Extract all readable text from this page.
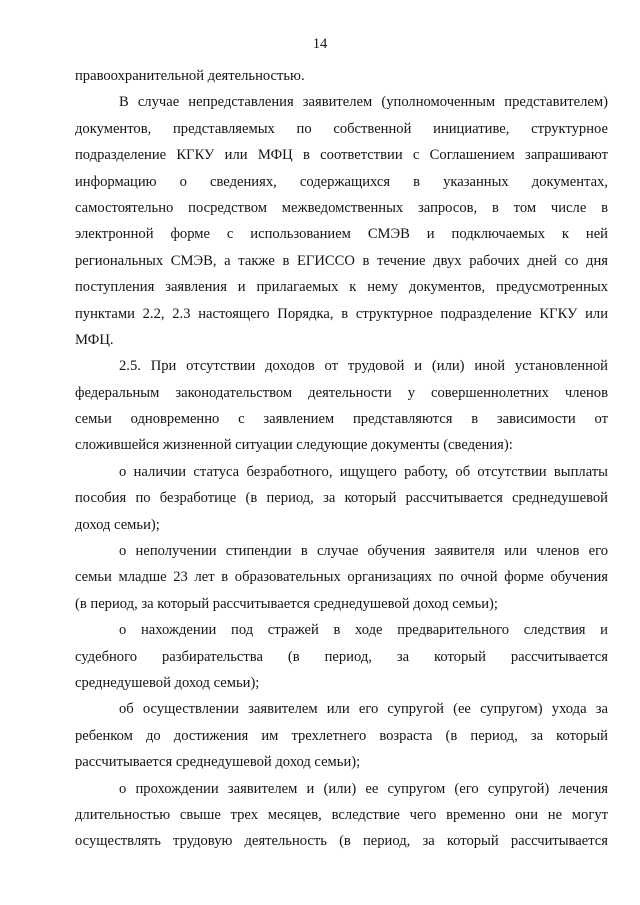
14
правоохранительной деятельностью.
В случае непредставления заявителем (уполномоченным представителем)
документов, представляемых по собственной инициативе, структурное
подразделение КГКУ или МФЦ в соответствии с Соглашением запрашивают
информацию о сведениях, содержащихся в указанных документах,
самостоятельно посредством межведомственных запросов, в том числе в
электронной форме с использованием СМЭВ и подключаемых к ней
региональных СМЭВ, а также в ЕГИССО в течение двух рабочих дней со дня
поступления заявления и прилагаемых к нему документов, предусмотренных
пунктами 2.2, 2.3 настоящего Порядка, в структурное подразделение КГКУ или
МФЦ.
2.5. При отсутствии доходов от трудовой и (или) иной установленной
федеральным законодательством деятельности у совершеннолетних членов
семьи одновременно с заявлением представляются в зависимости от
сложившейся жизненной ситуации следующие документы (сведения):
о наличии статуса безработного, ищущего работу, об отсутствии выплаты
пособия по безработице (в период, за который рассчитывается среднедушевой
доход семьи);
о неполучении стипендии в случае обучения заявителя или членов его
семьи младше 23 лет в образовательных организациях по очной форме обучения
(в период, за который рассчитывается среднедушевой доход семьи);
о нахождении под стражей в ходе предварительного следствия и
судебного разбирательства (в период, за который рассчитывается
среднедушевой доход семьи);
об осуществлении заявителем или его супругой (ее супругом) ухода за
ребенком до достижения им трехлетнего возраста (в период, за который
рассчитывается среднедушевой доход семьи);
о прохождении заявителем и (или) ее супругом (его супругой) лечения
длительностью свыше трех месяцев, вследствие чего временно они не могут
осуществлять трудовую деятельность (в период, за который рассчитывается
